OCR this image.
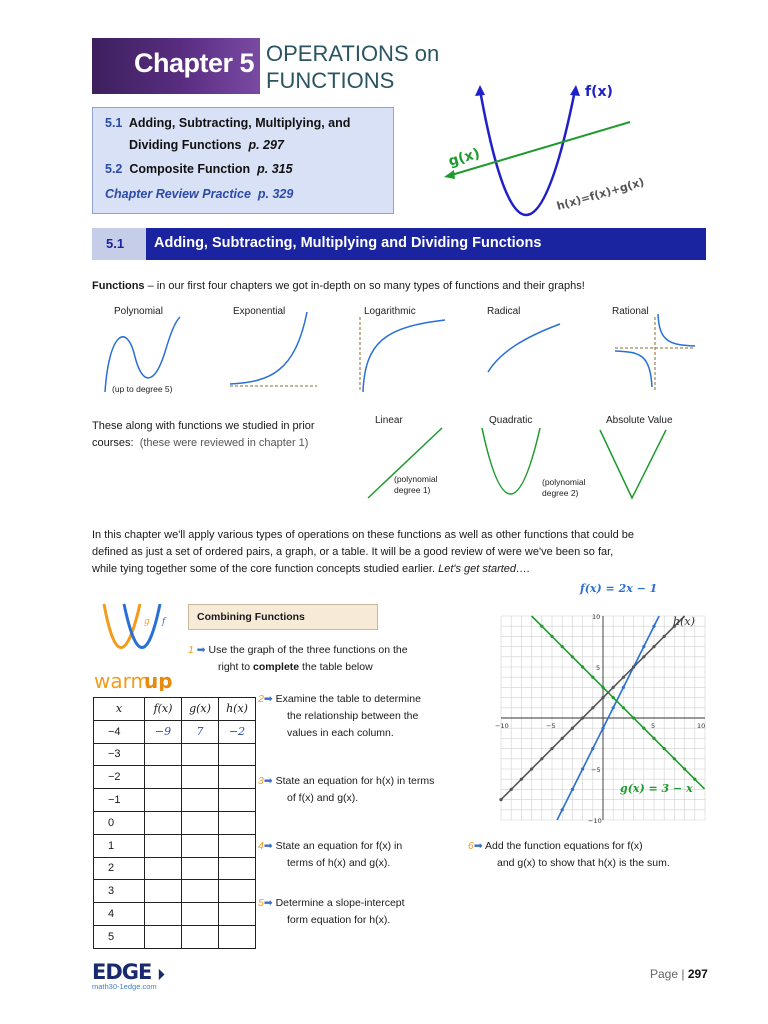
Chapter 5 OPERATIONS on
FUNCTIONS
5.1 Adding, Subtracting, Multiplying, and
Dividing Functions p. 297
5.2 Composite Function p. 315
Chapter Review Practice p. 329
f(x)
g(x)
h(x)=f(x)+g(x)
5.1 Adding, Subtracting, Multiplying and Dividing Functions
Functions – in our first four chapters we got in-depth on so many types of functions and their graphs!
Polynomial	Exponential	Logarithmic	Radical	Rational
(up to degree 5)
These along with functions we studied in prior
courses: (these were reviewed in chapter 1)
Linear	Quadratic	Absolute Value
(polynomial
degree 1)
(polynomial
degree 2)
In this chapter we'll apply various types of operations on these functions as well as other functions that could be
defined as just a set of ordered pairs, a graph, or a table. It will be a good review of were we've been so far,
while tying together some of the core function concepts studied earlier. Let's get started….
f
g
warm
up
Combining Functions
1 ➡ Use the graph of the three functions on the
right to complete the table below
x	f(x)	g(x)	h(x)
−4	−9	7	−2
−3			
−2			
−1			
0			
1			
2			
3			
4			
5			
2➡ Examine the table to determine
the relationship between the
values in each column.
3➡ State an equation for h(x) in terms
of f(x) and g(x).
4➡ State an equation for f(x) in
terms of h(x) and g(x).
5➡ Determine a slope-intercept
form equation for h(x).
6➡ Add the function equations for f(x)
and g(x) to show that h(x) is the sum.
−10	−5	5	10
10
5
−5
−10
f(x) = 2x − 1
h(x)
g(x) = 3 − x
EDGE ⏵
math30-1edge.com
Page | 297
